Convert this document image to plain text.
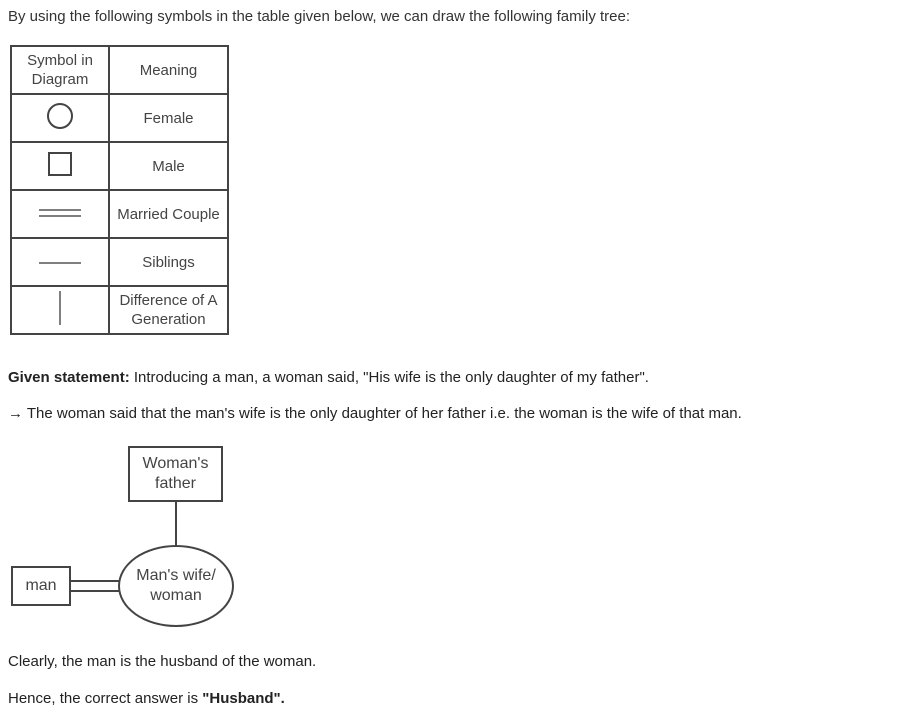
By using the following symbols in the table given below, we can draw the following family tree:
Symbol in Diagram	Meaning
	Female
	Male
	Married Couple
	Siblings
	Difference of A Generation
Given statement: Introducing a man, a woman said, "His wife is the only daughter of my father".
→ The woman said that the man's wife is the only daughter of her father i.e. the woman is the wife of that man.
Woman's father
Man's wife/ woman
man
Clearly, the man is the husband of the woman.
Hence, the correct answer is "Husband".
